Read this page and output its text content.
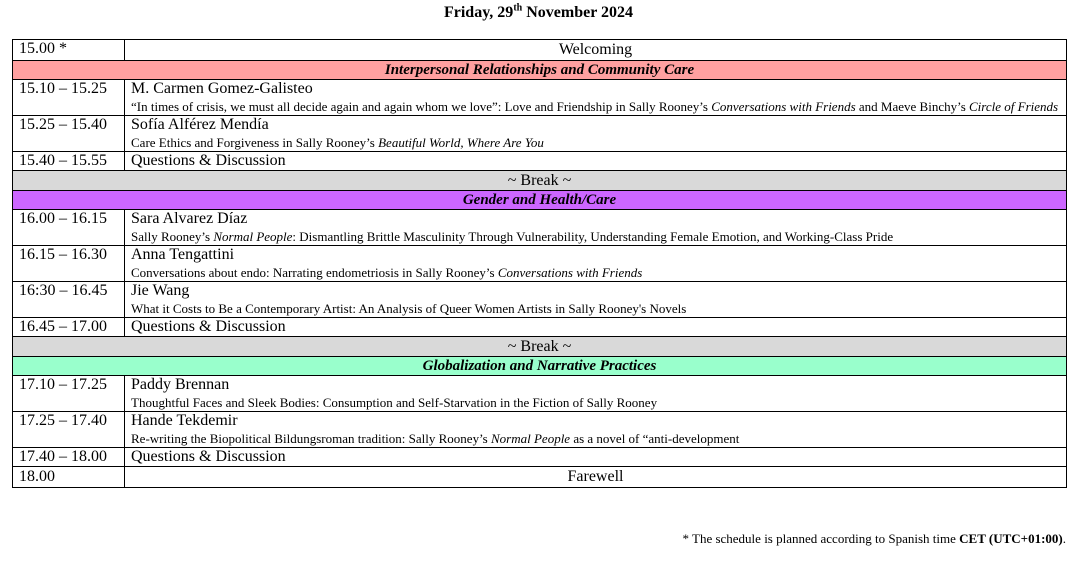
Friday, 29th November 2024
15.00 *	Welcoming
Interpersonal Relationships and Community Care	
15.10 – 15.25	M. Carmen Gomez-Galisteo
“In times of crisis, we must all decide again and again whom we love”: Love and Friendship in Sally Rooney’s Conversations with Friends and Maeve Binchy’s Circle of Friends

15.25 – 15.40	Sofía Alférez Mendía
Care Ethics and Forgiveness in Sally Rooney’s Beautiful World, Where Are You

15.40 – 15.55	Questions & Discussion
~ Break ~	
Gender and Health/Care	
16.00 – 16.15	Sara Alvarez Díaz
Sally Rooney’s Normal People: Dismantling Brittle Masculinity Through Vulnerability, Understanding Female Emotion, and Working-Class Pride

16.15 – 16.30	Anna Tengattini
Conversations about endo: Narrating endometriosis in Sally Rooney’s Conversations with Friends

16:30 – 16.45	Jie Wang
What it Costs to Be a Contemporary Artist: An Analysis of Queer Women Artists in Sally Rooney's Novels

16.45 – 17.00	Questions & Discussion
~ Break ~	
Globalization and Narrative Practices	
17.10 – 17.25	Paddy Brennan
Thoughtful Faces and Sleek Bodies: Consumption and Self-Starvation in the Fiction of Sally Rooney

17.25 – 17.40	Hande Tekdemir
Re-writing the Biopolitical Bildungsroman tradition: Sally Rooney’s Normal People as a novel of “anti-development

17.40 – 18.00	Questions & Discussion
18.00	Farewell
* The schedule is planned according to Spanish time CET (UTC+01:00).
